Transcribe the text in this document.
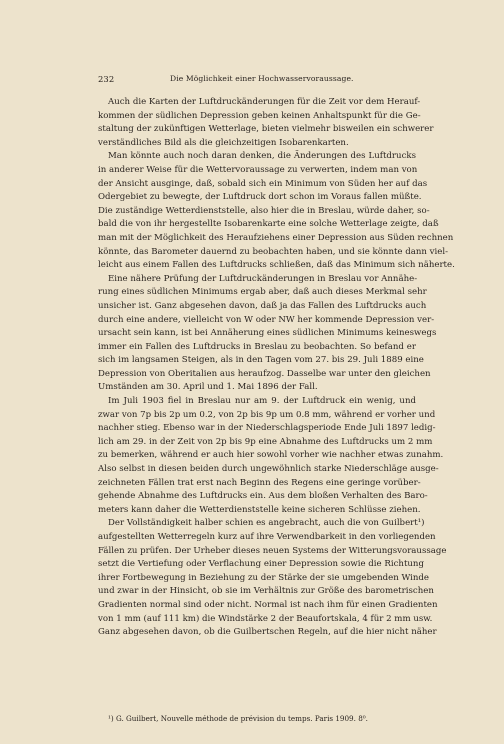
232	Die Möglichkeit einer Hochwasservoraussage.
Auch die Karten der Luftdruckänderungen für die Zeit vor dem Herauf-
kommen der südlichen Depression geben keinen Anhaltspunkt für die Ge-
staltung der zukünftigen Wetterlage, bieten vielmehr bisweilen ein schwerer
verständliches Bild als die gleichzeitigen Isobarenkarten.
Man könnte auch noch daran denken, die Änderungen des Luftdrucks
in anderer Weise für die Wettervoraussage zu verwerten, indem man von
der Ansicht ausginge, daß, sobald sich ein Minimum von Süden her auf das
Odergebiet zu bewegte, der Luftdruck dort schon im Voraus fallen müßte.
Die zuständige Wetterdienststelle, also hier die in Breslau, würde daher, so-
bald die von ihr hergestellte Isobarenkarte eine solche Wetterlage zeigte, daß
man mit der Möglichkeit des Heraufziehens einer Depression aus Süden rechnen
könnte, das Barometer dauernd zu beobachten haben, und sie könnte dann viel-
leicht aus einem Fallen des Luftdrucks schließen, daß das Minimum sich näherte.
Eine nähere Prüfung der Luftdruckänderungen in Breslau vor Annähe-
rung eines südlichen Minimums ergab aber, daß auch dieses Merkmal sehr
unsicher ist. Ganz abgesehen davon, daß ja das Fallen des Luftdrucks auch
durch eine andere, vielleicht von W oder NW her kommende Depression ver-
ursacht sein kann, ist bei Annäherung eines südlichen Minimums keineswegs
immer ein Fallen des Luftdrucks in Breslau zu beobachten. So befand er
sich im langsamen Steigen, als in den Tagen vom 27. bis 29. Juli 1889 eine
Depression von Oberitalien aus heraufzog. Dasselbe war unter den gleichen
Umständen am 30. April und 1. Mai 1896 der Fall.
Im Juli 1903 fiel in Breslau nur am 9. der Luftdruck ein wenig, und
zwar von 7p bis 2p um 0.2, von 2p bis 9p um 0.8 mm, während er vorher und
nachher stieg. Ebenso war in der Niederschlagsperiode Ende Juli 1897 ledig-
lich am 29. in der Zeit von 2p bis 9p eine Abnahme des Luftdrucks um 2 mm
zu bemerken, während er auch hier sowohl vorher wie nachher etwas zunahm.
Also selbst in diesen beiden durch ungewöhnlich starke Niederschläge ausge-
zeichneten Fällen trat erst nach Beginn des Regens eine geringe vorüber-
gehende Abnahme des Luftdrucks ein. Aus dem bloßen Verhalten des Baro-
meters kann daher die Wetterdienststelle keine sicheren Schlüsse ziehen.
Der Vollständigkeit halber schien es angebracht, auch die von Guilbert¹)
aufgestellten Wetterregeln kurz auf ihre Verwendbarkeit in den vorliegenden
Fällen zu prüfen. Der Urheber dieses neuen Systems der Witterungsvoraussage
setzt die Vertiefung oder Verflachung einer Depression sowie die Richtung
ihrer Fortbewegung in Beziehung zu der Stärke der sie umgebenden Winde
und zwar in der Hinsicht, ob sie im Verhältnis zur Größe des barometrischen
Gradienten normal sind oder nicht. Normal ist nach ihm für einen Gradienten
von 1 mm (auf 111 km) die Windstärke 2 der Beaufortskala, 4 für 2 mm usw.
Ganz abgesehen davon, ob die Guilbertschen Regeln, auf die hier nicht näher
¹) G. Guilbert, Nouvelle méthode de prévision du temps. Paris 1909. 8⁰.
